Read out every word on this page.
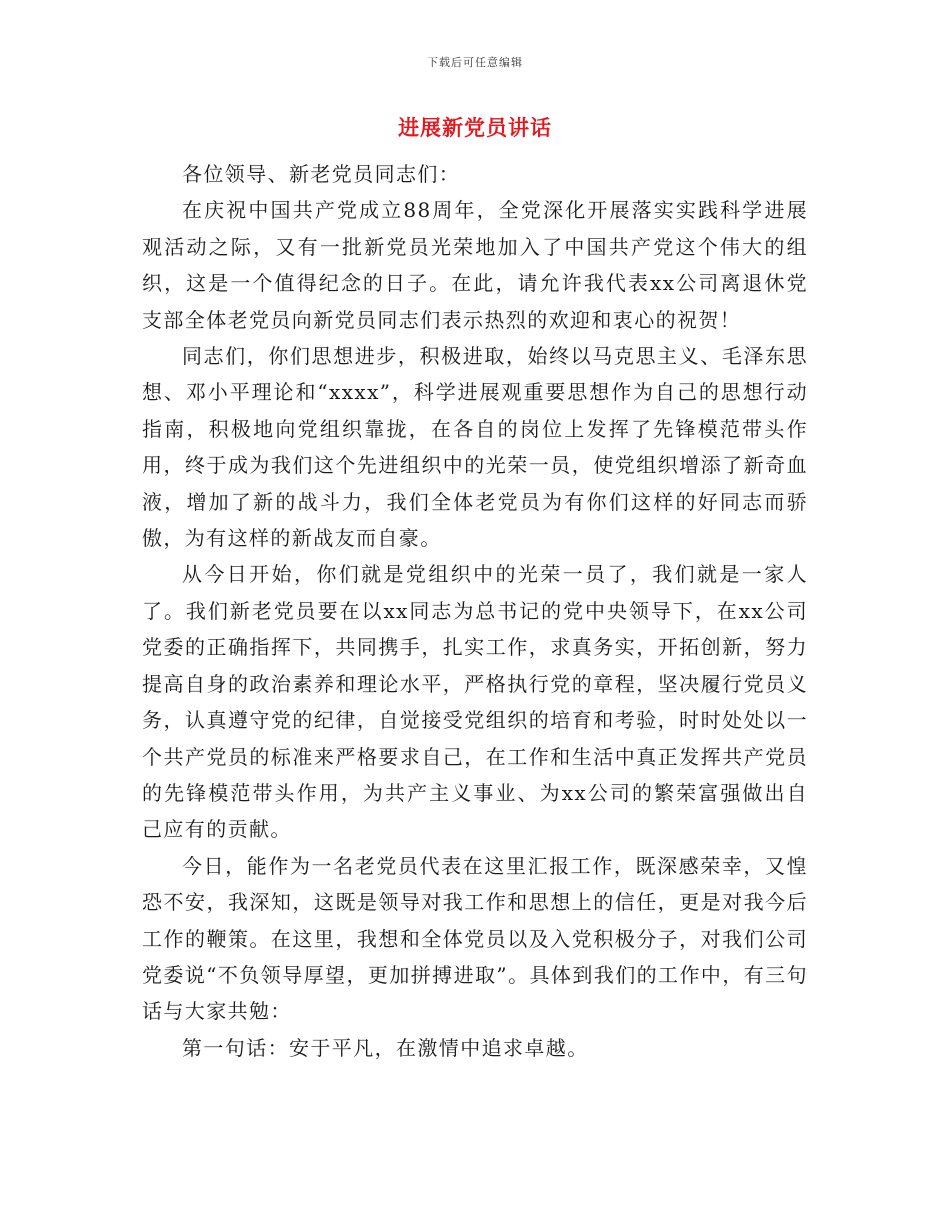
下载后可任意编辑
进展新党员讲话

各位领导、新老党员同志们：

在庆祝中国共产党成立88周年，全党深化开展落实实践科学进展观活动之际，又有一批新党员光荣地加入了中国共产党这个伟大的组织，这是一个值得纪念的日子。在此，请允许我代表xx公司离退休党支部全体老党员向新党员同志们表示热烈的欢迎和衷心的祝贺！

同志们，你们思想进步，积极进取，始终以马克思主义、毛泽东思想、邓小平理论和“xxxx”，科学进展观重要思想作为自己的思想行动指南，积极地向党组织靠拢，在各自的岗位上发挥了先锋模范带头作用，终于成为我们这个先进组织中的光荣一员，使党组织增添了新奇血液，增加了新的战斗力，我们全体老党员为有你们这样的好同志而骄傲，为有这样的新战友而自豪。

从今日开始，你们就是党组织中的光荣一员了，我们就是一家人了。我们新老党员要在以xx同志为总书记的党中央领导下，在xx公司党委的正确指挥下，共同携手，扎实工作，求真务实，开拓创新，努力提高自身的政治素养和理论水平，严格执行党的章程，坚决履行党员义务，认真遵守党的纪律，自觉接受党组织的培育和考验，时时处处以一个共产党员的标准来严格要求自己，在工作和生活中真正发挥共产党员的先锋模范带头作用，为共产主义事业、为xx公司的繁荣富强做出自己应有的贡献。

今日，能作为一名老党员代表在这里汇报工作，既深感荣幸，又惶恐不安，我深知，这既是领导对我工作和思想上的信任，更是对我今后工作的鞭策。在这里，我想和全体党员以及入党积极分子，对我们公司党委说“不负领导厚望，更加拼搏进取”。具体到我们的工作中，有三句话与大家共勉：

第一句话：安于平凡，在激情中追求卓越。
